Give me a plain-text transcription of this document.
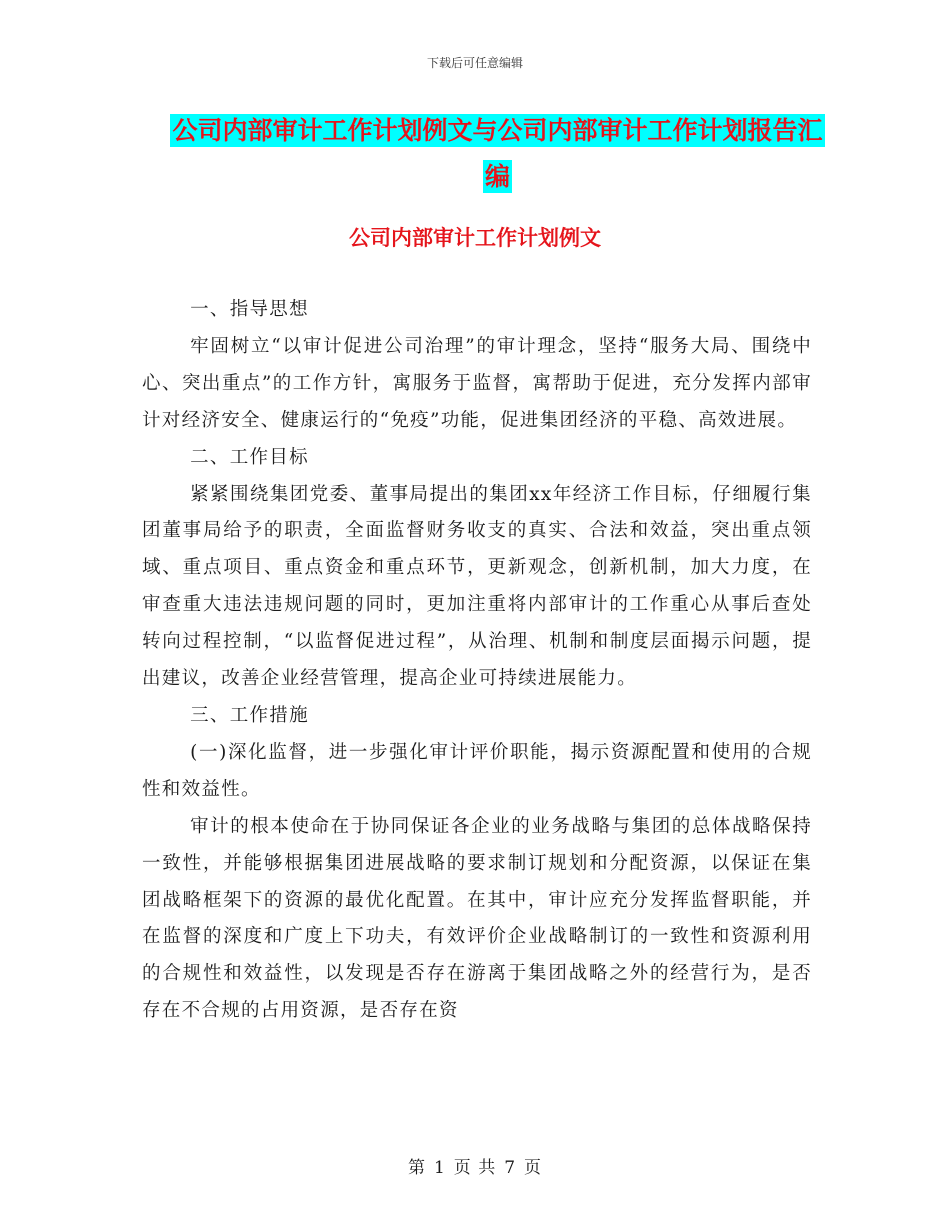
下载后可任意编辑
公司内部审计工作计划例文与公司内部审计工作计划报告汇编
公司内部审计工作计划例文

一、指导思想

牢固树立“以审计促进公司治理”的审计理念，坚持“服务大局、围绕中心、突出重点”的工作方针，寓服务于监督，寓帮助于促进，充分发挥内部审计对经济安全、健康运行的“免疫”功能，促进集团经济的平稳、高效进展。

二、工作目标

紧紧围绕集团党委、董事局提出的集团xx年经济工作目标，仔细履行集团董事局给予的职责，全面监督财务收支的真实、合法和效益，突出重点领域、重点项目、重点资金和重点环节，更新观念，创新机制，加大力度，在审查重大违法违规问题的同时，更加注重将内部审计的工作重心从事后查处转向过程控制，“以监督促进过程”，从治理、机制和制度层面揭示问题，提出建议，改善企业经营管理，提高企业可持续进展能力。

三、工作措施

(一)深化监督，进一步强化审计评价职能，揭示资源配置和使用的合规性和效益性。

审计的根本使命在于协同保证各企业的业务战略与集团的总体战略保持一致性，并能够根据集团进展战略的要求制订规划和分配资源，以保证在集团战略框架下的资源的最优化配置。在其中，审计应充分发挥监督职能，并在监督的深度和广度上下功夫，有效评价企业战略制订的一致性和资源利用的合规性和效益性，以发现是否存在游离于集团战略之外的经营行为，是否存在不合规的占用资源，是否存在资

第 1 页 共 7 页
